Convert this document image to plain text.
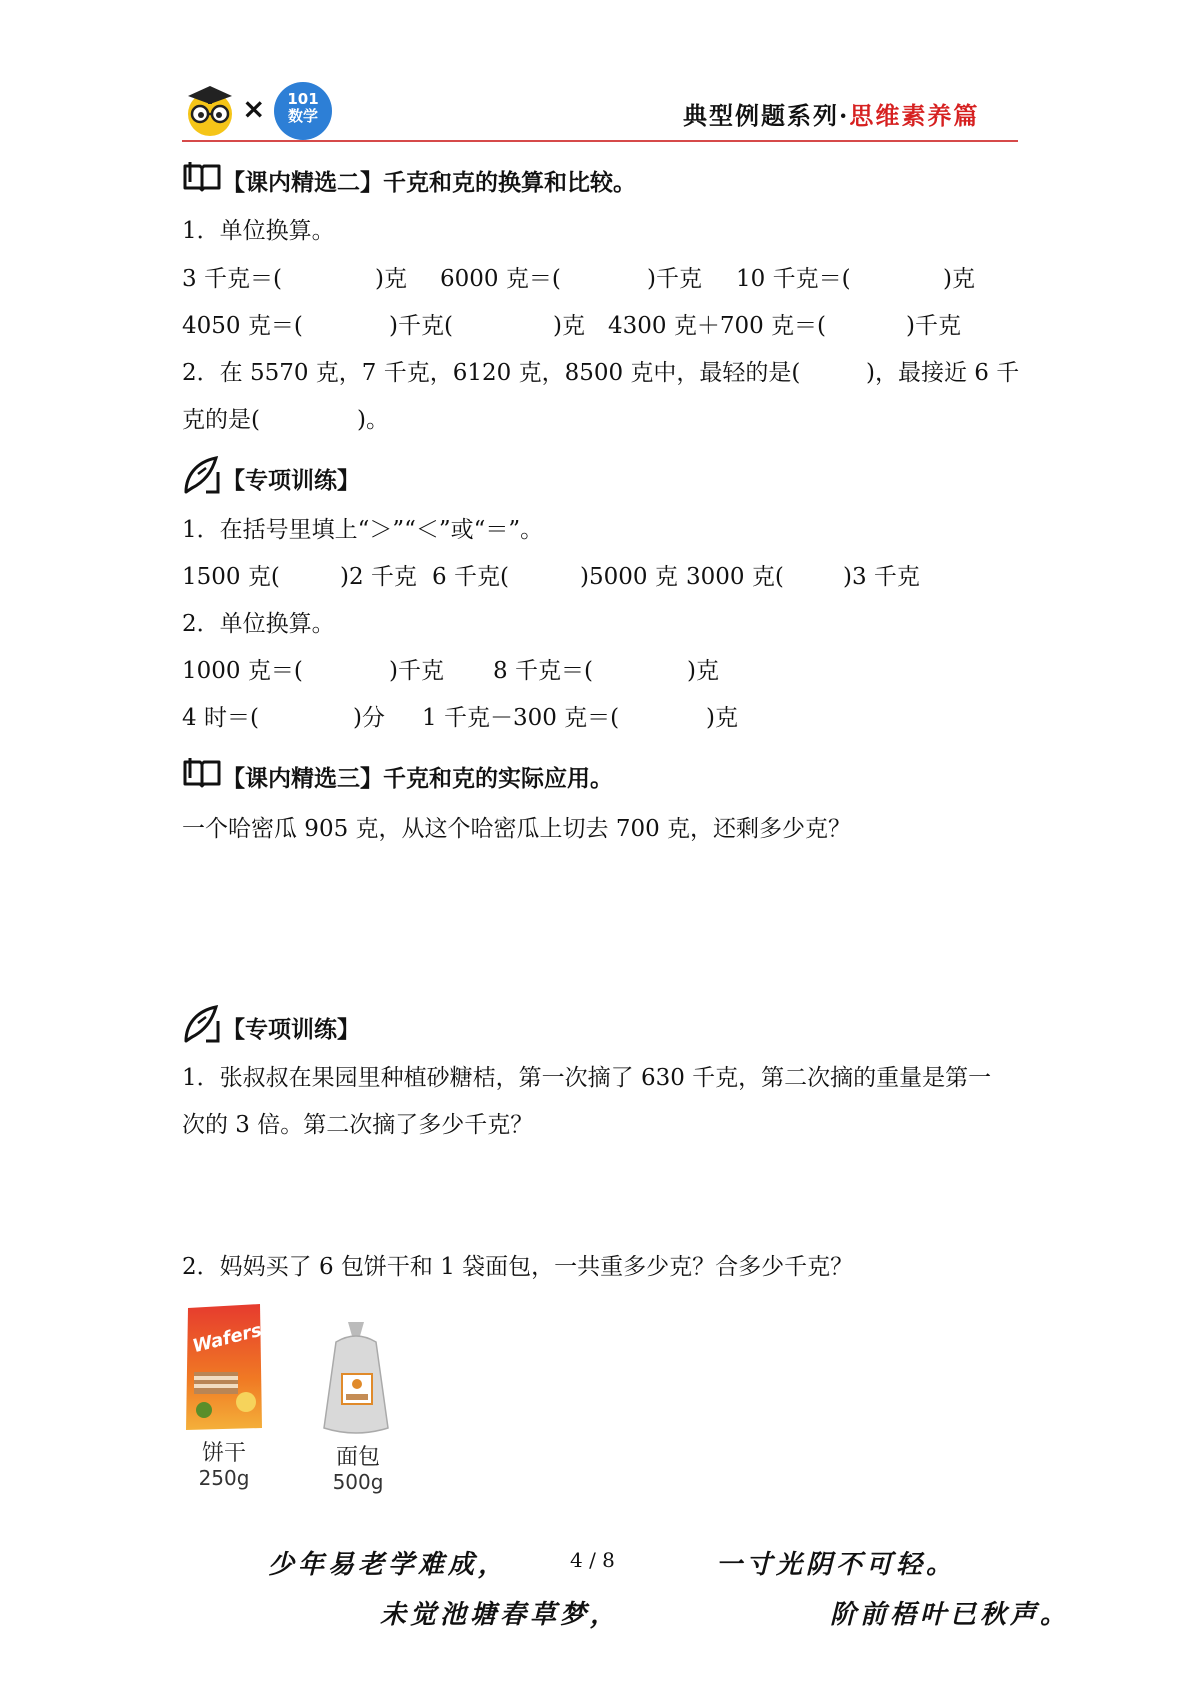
×	101
数学	典型例题系列·思维素养篇
【课内精选二】千克和克的换算和比较。
1．单位换算。
3 千克＝(	)克 6000 克＝(	)千克 10 千克＝(	)克
4050 克＝(	)千克(	)克 4300 克＋700 克＝(	)千克
2．在 5570 克，7 千克，6120 克，8500 克中，最轻的是(	)，最接近 6 千
克的是(	)。
【专项训练】
1．在括号里填上“＞”“＜”或“＝”。
1500 克(	)2 千克 6 千克(	)5000 克 3000 克(	)3 千克
2．单位换算。
1000 克＝(	)千克 8 千克＝(	)克
4 时＝(	)分 1 千克－300 克＝(	)克
【课内精选三】千克和克的实际应用。
一个哈密瓜 905 克，从这个哈密瓜上切去 700 克，还剩多少克？
【专项训练】
1．张叔叔在果园里种植砂糖桔，第一次摘了 630 千克，第二次摘的重量是第一
次的 3 倍。第二次摘了多少千克？
2．妈妈买了 6 包饼干和 1 袋面包，一共重多少克？合多少千克？
Wafers
饼干
250g
面包
500g
少年易老学难成，	4 / 8	一寸光阴不可轻。
未觉池塘春草梦，	阶前梧叶已秋声。
